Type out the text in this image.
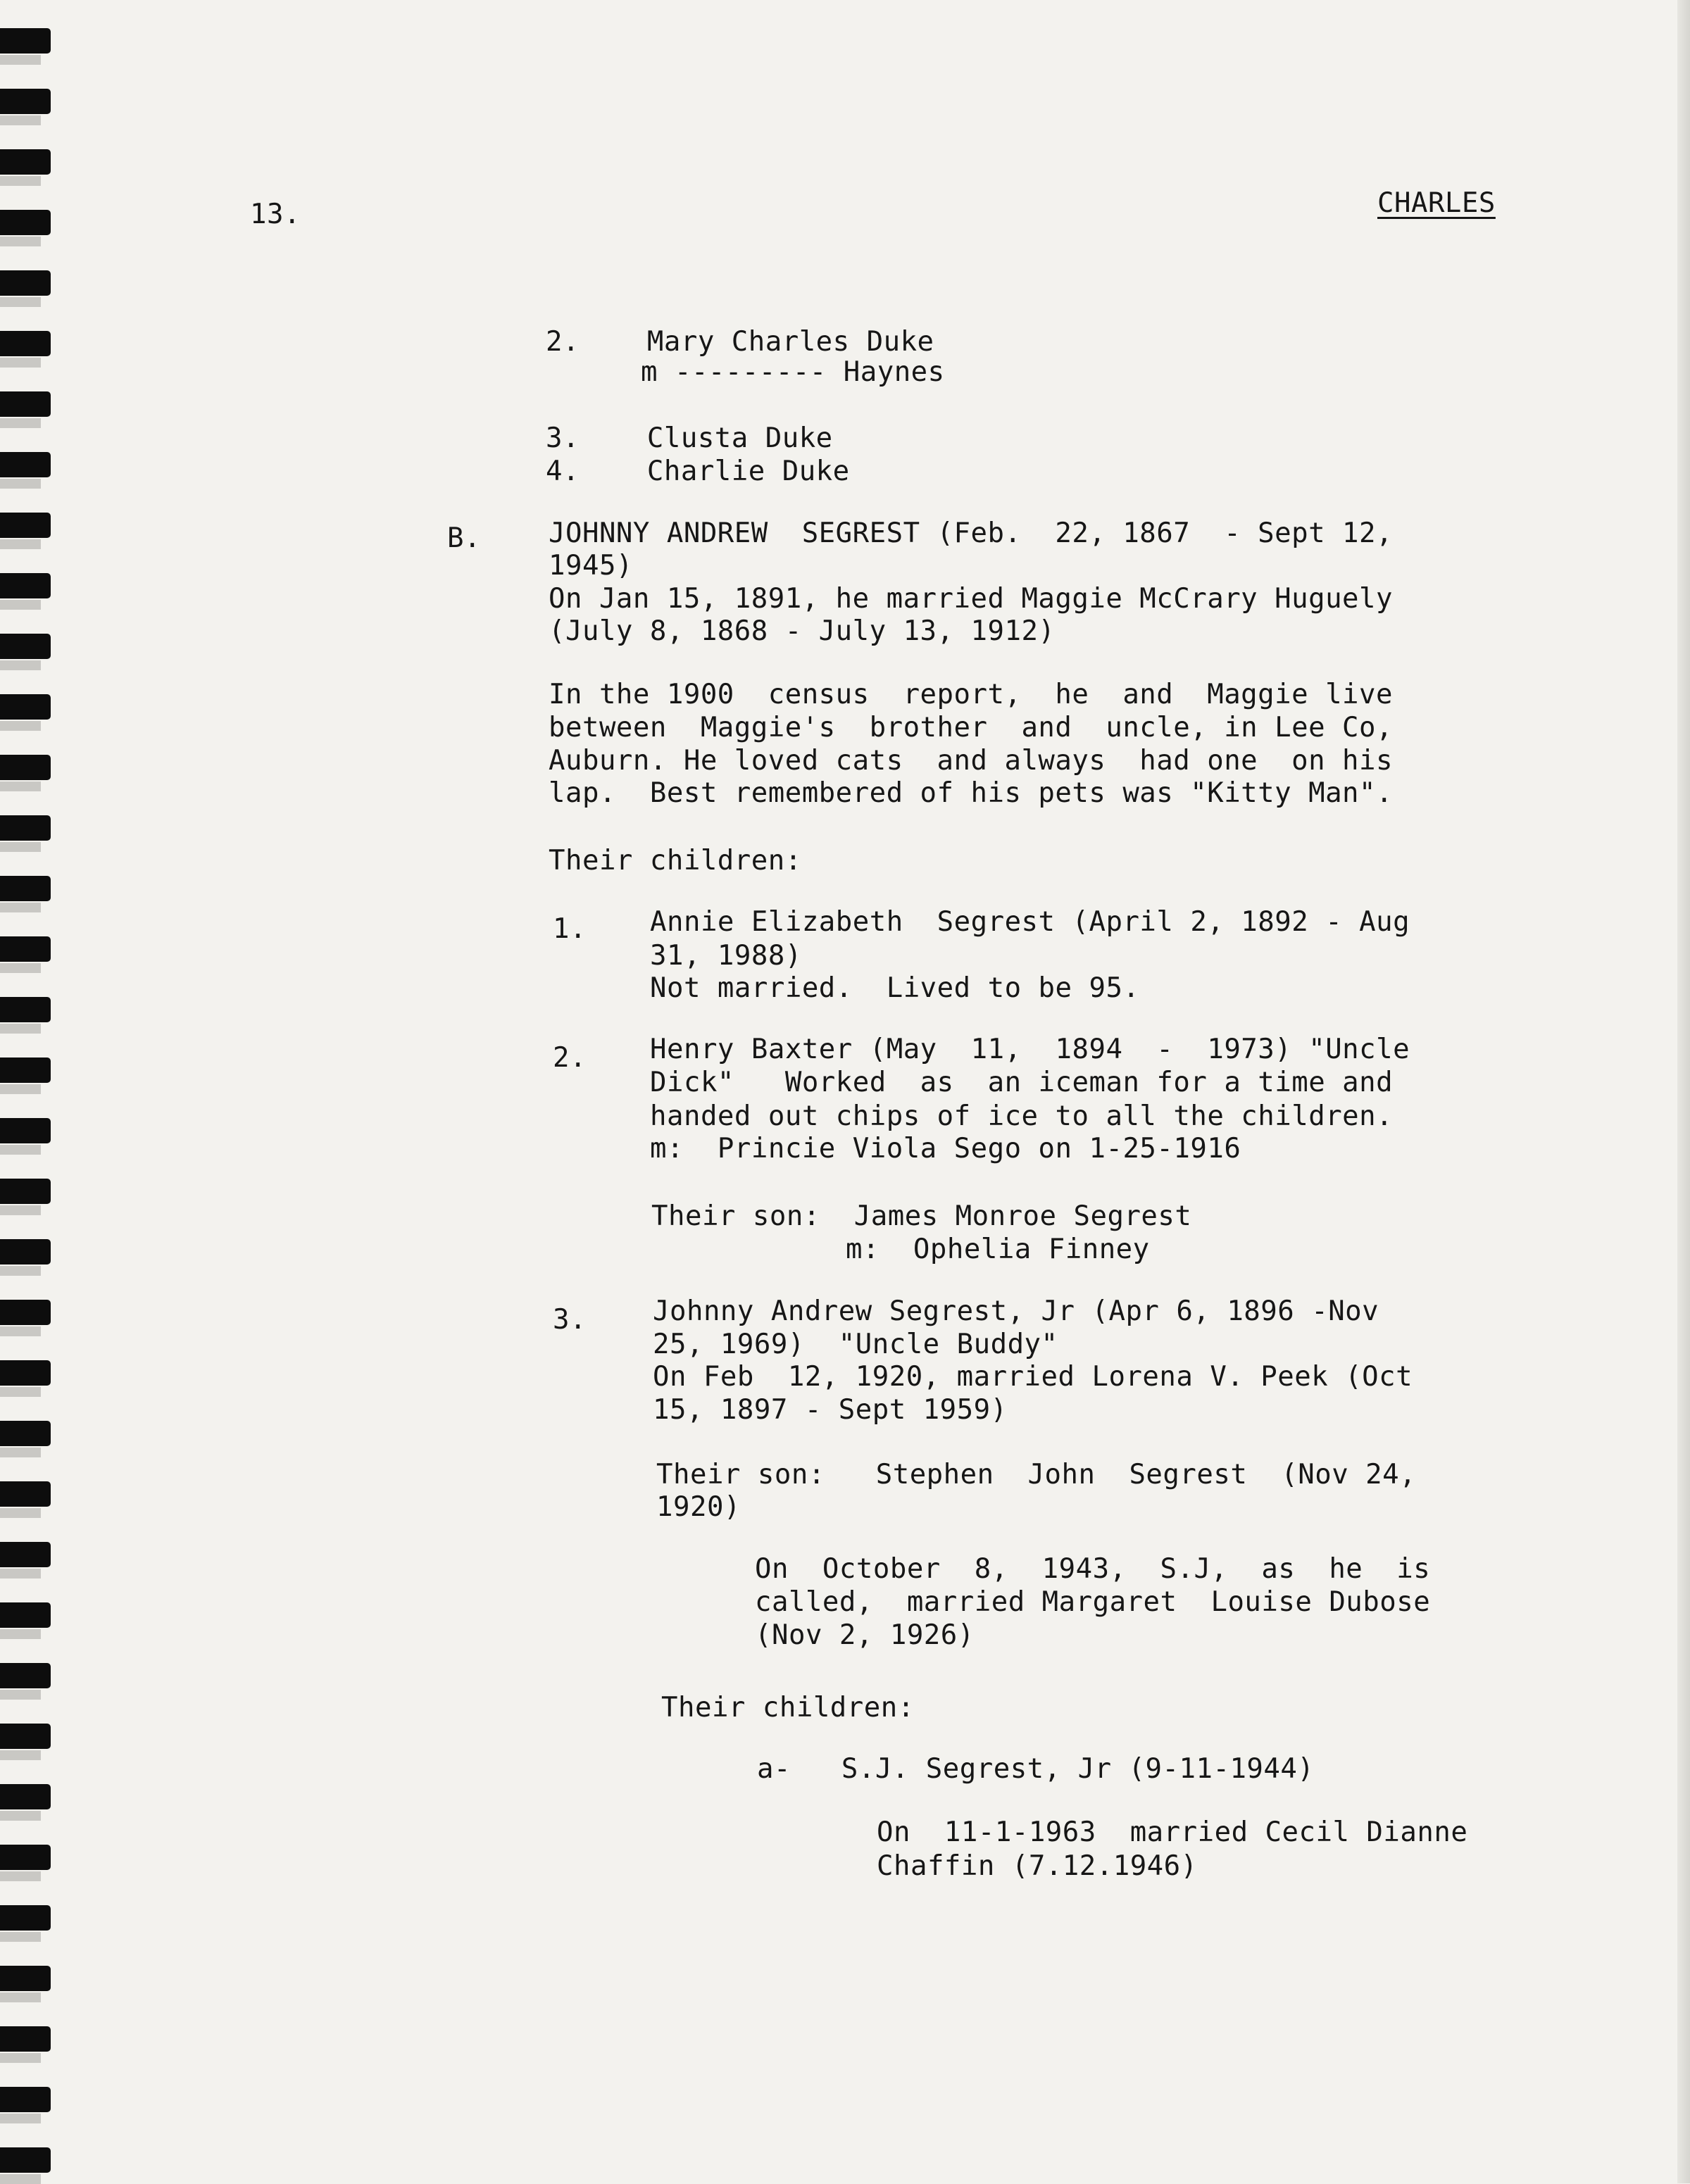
13.	CHARLES
2.    Mary Charles Duke
m --------- Haynes
3.    Clusta Duke
4.    Charlie Duke
B. JOHNNY ANDREW  SEGREST (Feb.  22, 1867  - Sept 12,
1945)
On Jan 15, 1891, he married Maggie McCrary Huguely
(July 8, 1868 - July 13, 1912)
In the 1900  census  report,  he  and  Maggie live
between  Maggie's  brother  and  uncle, in Lee Co,
Auburn. He loved cats  and always  had one  on his
lap.  Best remembered of his pets was "Kitty Man".
Their children:
1. Annie Elizabeth  Segrest (April 2, 1892 - Aug
31, 1988)
Not married.  Lived to be 95.
2. Henry Baxter (May  11,  1894  -  1973) "Uncle
Dick"   Worked  as  an iceman for a time and
handed out chips of ice to all the children.
m:  Princie Viola Sego on 1-25-1916
Their son:  James Monroe Segrest
m:  Ophelia Finney
3. Johnny Andrew Segrest, Jr (Apr 6, 1896 -Nov
25, 1969)  "Uncle Buddy"
On Feb  12, 1920, married Lorena V. Peek (Oct
15, 1897 - Sept 1959)
Their son:   Stephen  John  Segrest  (Nov 24,
1920)
On  October  8,  1943,  S.J,  as  he  is
called,  married Margaret  Louise Dubose
(Nov 2, 1926)
Their children:
a-   S.J. Segrest, Jr (9-11-1944)
On  11-1-1963  married Cecil Dianne
Chaffin (7.12.1946)
